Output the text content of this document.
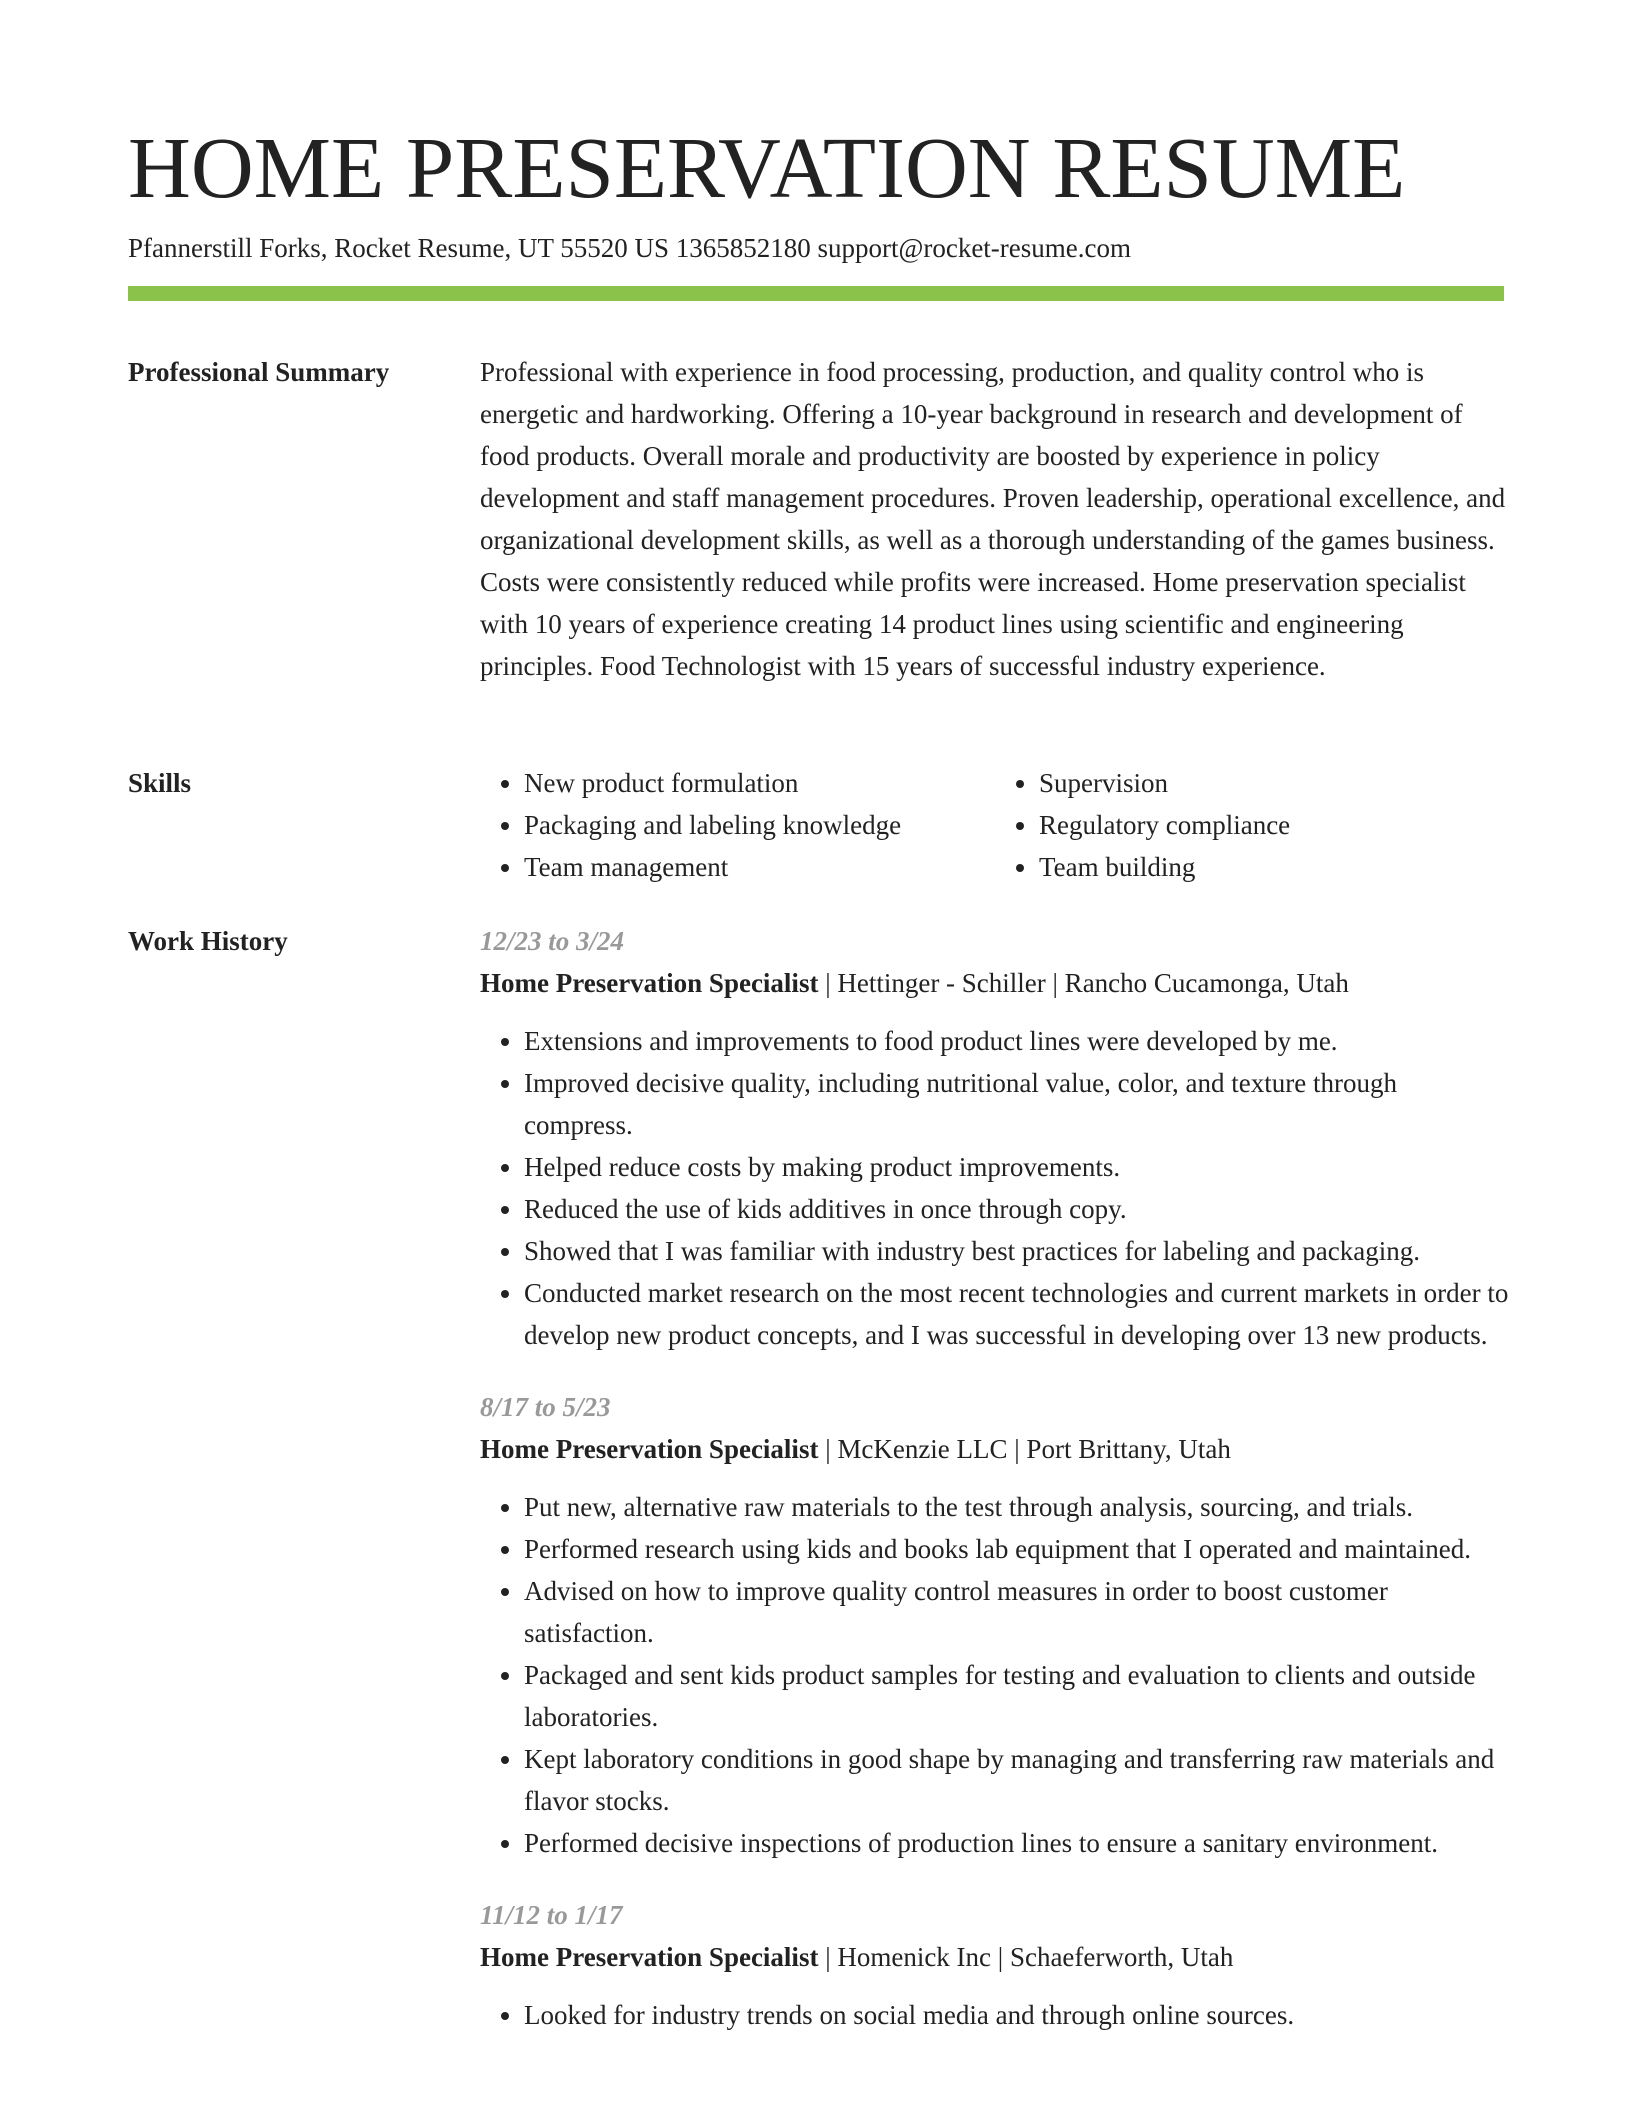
HOME PRESERVATION RESUME
Pfannerstill Forks, Rocket Resume, UT 55520 US 1365852180 support@rocket-resume.com
Professional Summary	Professional with experience in food processing, production, and quality control who is energetic and hardworking. Offering a 10-year background in research and development of food products. Overall morale and productivity are boosted by experience in policy development and staff management procedures. Proven leadership, operational excellence, and organizational development skills, as well as a thorough understanding of the games business. Costs were consistently reduced while profits were increased. Home preservation specialist with 10 years of experience creating 14 product lines using scientific and engineering principles. Food Technologist with 15 years of successful industry experience.

Skills
•	New product formulation
• Packaging and labeling knowledge
• Team management
• Supervision
• Regulatory compliance
• Team building
Work History	12/23 to 3/24
Home Preservation Specialist | Hettinger - Schiller | Rancho Cucamonga, Utah
• Extensions and improvements to food product lines were developed by me.
• Improved decisive quality, including nutritional value, color, and texture through compress.
• Helped reduce costs by making product improvements.
• Reduced the use of kids additives in once through copy.
• Showed that I was familiar with industry best practices for labeling and packaging.
• Conducted market research on the most recent technologies and current markets in order to develop new product concepts, and I was successful in developing over 13 new products.
8/17 to 5/23
Home Preservation Specialist | McKenzie LLC | Port Brittany, Utah
• Put new, alternative raw materials to the test through analysis, sourcing, and trials.
• Performed research using kids and books lab equipment that I operated and maintained.
• Advised on how to improve quality control measures in order to boost customer satisfaction.
• Packaged and sent kids product samples for testing and evaluation to clients and outside laboratories.
• Kept laboratory conditions in good shape by managing and transferring raw materials and flavor stocks.
• Performed decisive inspections of production lines to ensure a sanitary environment.
11/12 to 1/17
Home Preservation Specialist | Homenick Inc | Schaeferworth, Utah
• Looked for industry trends on social media and through online sources.
